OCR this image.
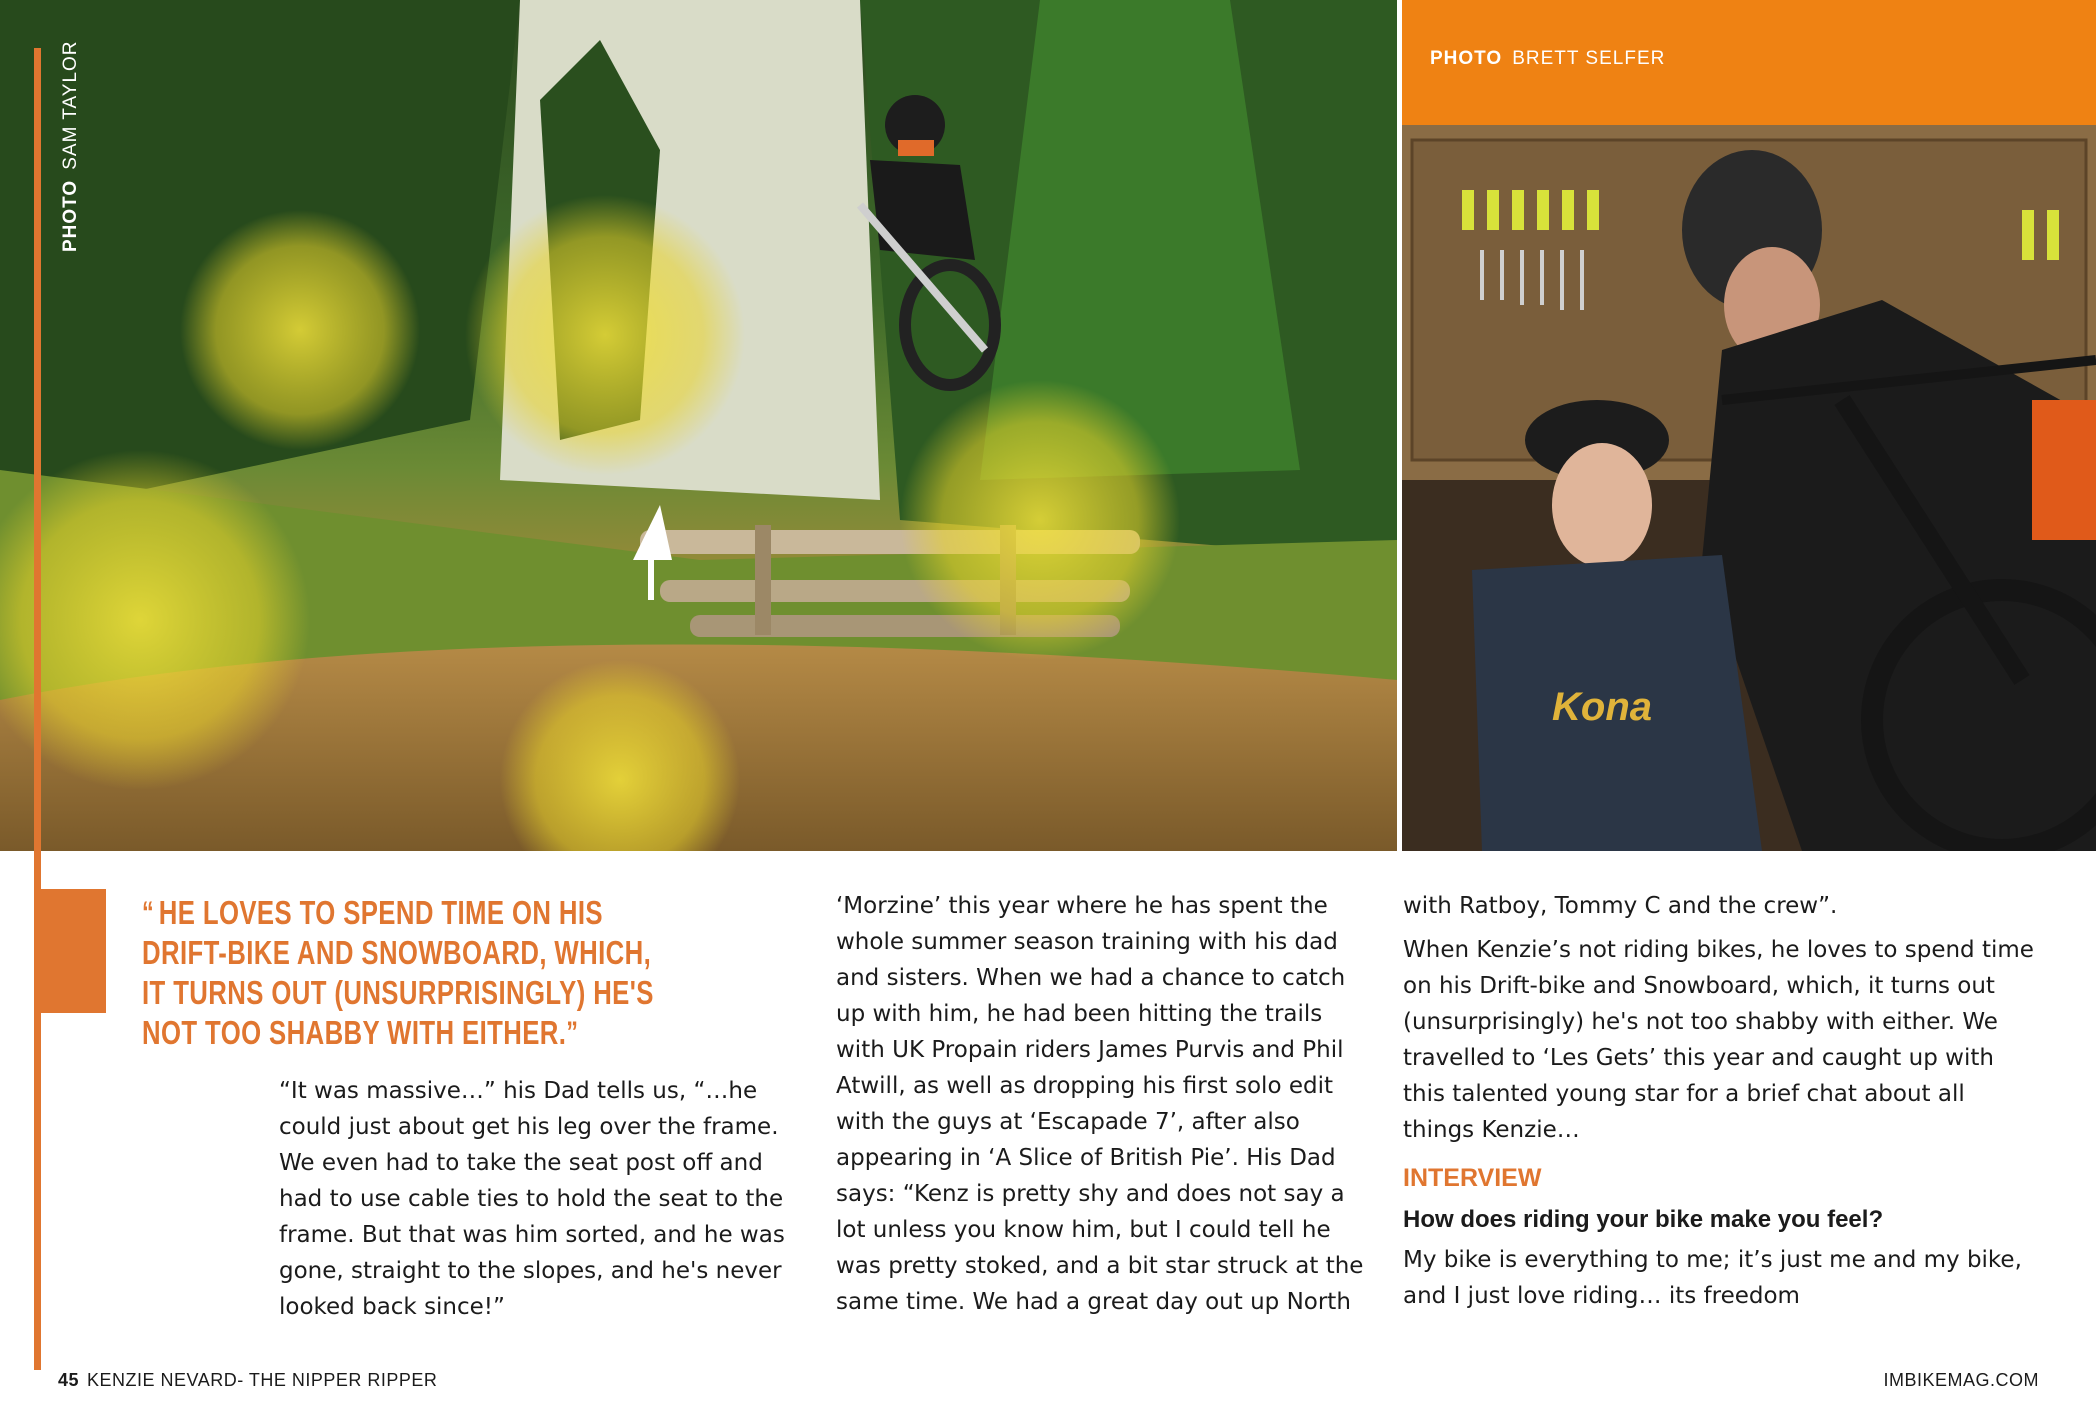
Kona
PHOTOSAM TAYLOR	PHOTO BRETT SELFER
“ HE LOVES TO SPEND TIME ON HIS DRIFT-BIKE AND SNOWBOARD, WHICH, IT TURNS OUT (UNSURPRISINGLY) HE'S NOT TOO SHABBY WITH EITHER.”

“It was massive…” his Dad tells us, “…he could just about get his leg over the frame. We even had to take the seat post off and had to use cable ties to hold the seat to the frame. But that was him sorted, and he was gone, straight to the slopes, and he's never looked back since!”

‘Morzine’ this year where he has spent the whole summer season training with his dad and sisters. When we had a chance to catch up with him, he had been hitting the trails with UK Propain riders James Purvis and Phil Atwill, as well as dropping his first solo edit with the guys at ‘Escapade 7’, after also appearing in ‘A Slice of British Pie’. His Dad says: “Kenz is pretty shy and does not say a lot unless you know him, but I could tell he was pretty stoked, and a bit star struck at the same time. We had a great day out up North

with Ratboy, Tommy C and the crew”.

When Kenzie’s not riding bikes, he loves to spend time on his Drift-bike and Snowboard, which, it turns out (unsurprisingly) he's not too shabby with either. We travelled to ‘Les Gets’ this year and caught up with this talented young star for a brief chat about all things Kenzie…

INTERVIEW
How does riding your bike make you feel?

My bike is everything to me; it’s just me and my bike, and I just love riding… its freedom

45 KENZIE NEVARD- THE NIPPER RIPPER	IMBIKEMAG.COM
